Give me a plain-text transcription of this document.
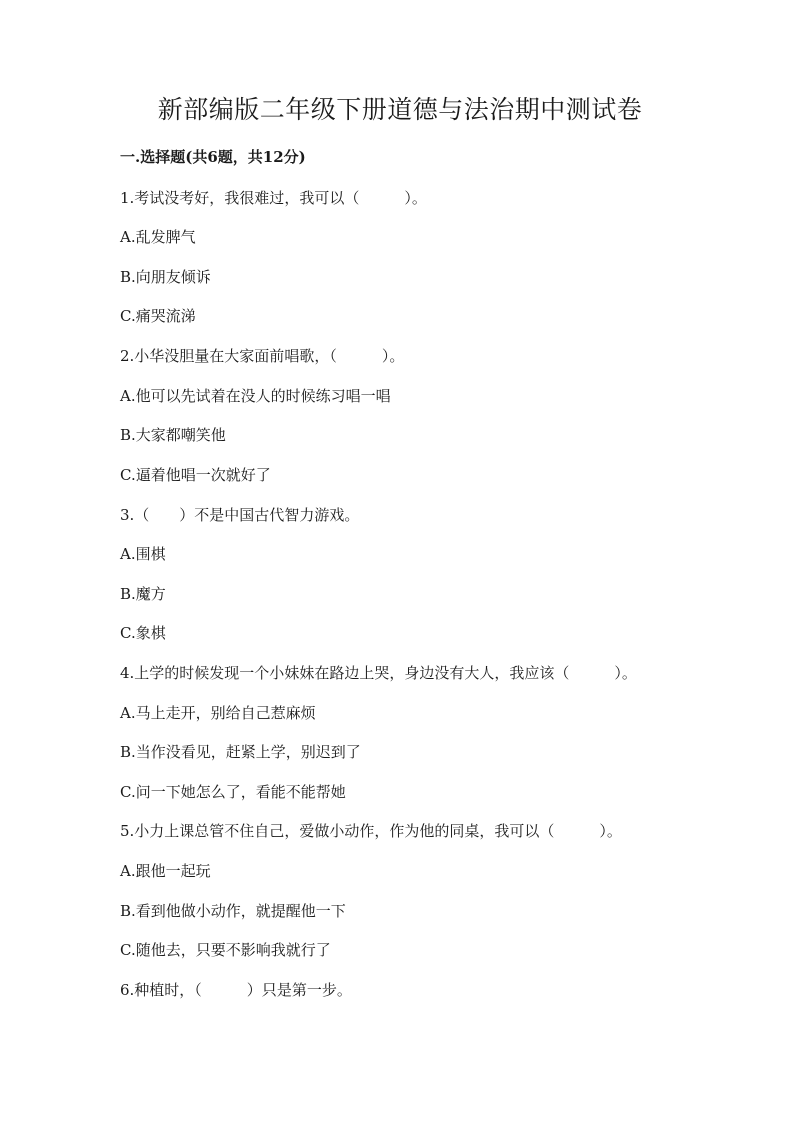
新部编版二年级下册道德与法治期中测试卷

一.选择题(共6题，共12分)

1.考试没考好，我很难过，我可以（　　　）。

A.乱发脾气

B.向朋友倾诉

C.痛哭流涕

2.小华没胆量在大家面前唱歌，（　　　）。

A.他可以先试着在没人的时候练习唱一唱

B.大家都嘲笑他

C.逼着他唱一次就好了

3.（　　）不是中国古代智力游戏。

A.围棋

B.魔方

C.象棋

4.上学的时候发现一个小妹妹在路边上哭，身边没有大人，我应该（　　　）。

A.马上走开，别给自己惹麻烦

B.当作没看见，赶紧上学，别迟到了

C.问一下她怎么了，看能不能帮她

5.小力上课总管不住自己，爱做小动作，作为他的同桌，我可以（　　　）。

A.跟他一起玩

B.看到他做小动作，就提醒他一下

C.随他去，只要不影响我就行了

6.种植时，（　　　）只是第一步。
